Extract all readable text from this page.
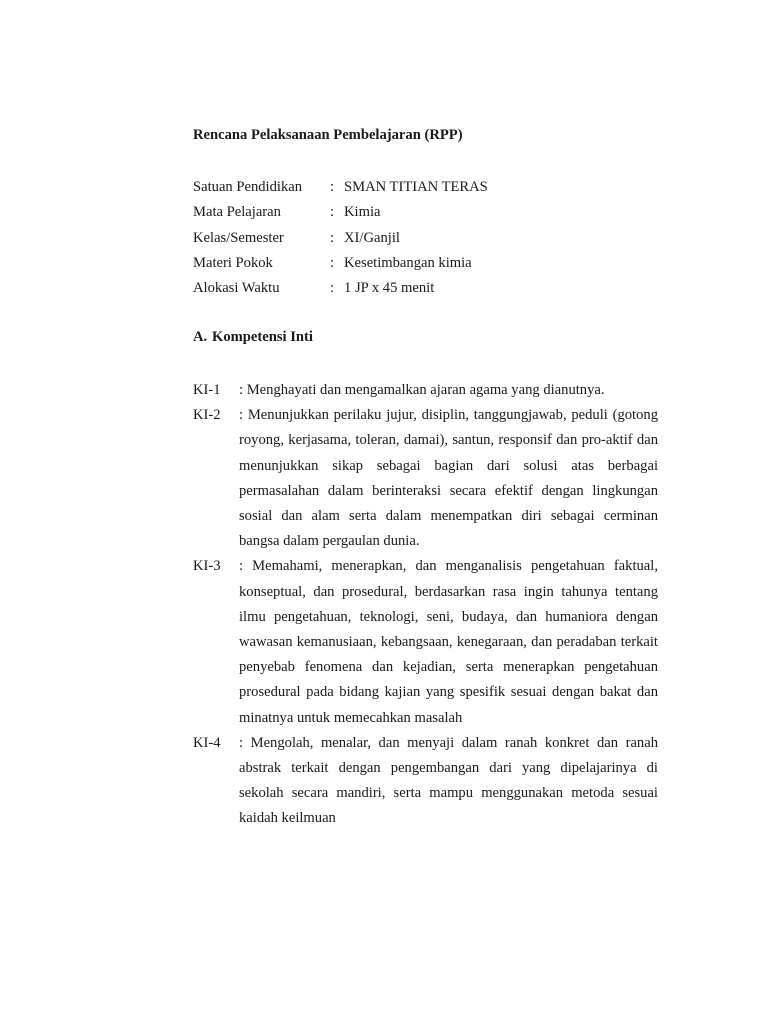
Rencana Pelaksanaan Pembelajaran (RPP)
Satuan Pendidikan : SMAN TITIAN TERAS
Mata Pelajaran	: Kimia
Kelas/Semester	: XI/Ganjil
Materi Pokok	: Kesetimbangan kimia
Alokasi Waktu	: 1 JP x 45 menit
A. Kompetensi Inti
KI-1 : Menghayati dan mengamalkan ajaran agama yang dianutnya.
KI-2 : Menunjukkan perilaku jujur, disiplin, tanggungjawab, peduli (gotong royong, kerjasama, toleran, damai), santun, responsif dan pro-aktif dan menunjukkan sikap sebagai bagian dari solusi atas berbagai permasalahan dalam berinteraksi secara efektif dengan lingkungan sosial dan alam serta dalam menempatkan diri sebagai cerminan bangsa dalam pergaulan dunia.
KI-3 : Memahami, menerapkan, dan menganalisis pengetahuan faktual, konseptual, dan prosedural, berdasarkan rasa ingin tahunya tentang ilmu pengetahuan, teknologi, seni, budaya, dan humaniora dengan wawasan kemanusiaan, kebangsaan, kenegaraan, dan peradaban terkait penyebab fenomena dan kejadian, serta menerapkan pengetahuan prosedural pada bidang kajian yang spesifik sesuai dengan bakat dan minatnya untuk memecahkan masalah
KI-4 : Mengolah, menalar, dan menyaji dalam ranah konkret dan ranah abstrak terkait dengan pengembangan dari yang dipelajarinya di sekolah secara mandiri, serta mampu menggunakan metoda sesuai kaidah keilmuan
